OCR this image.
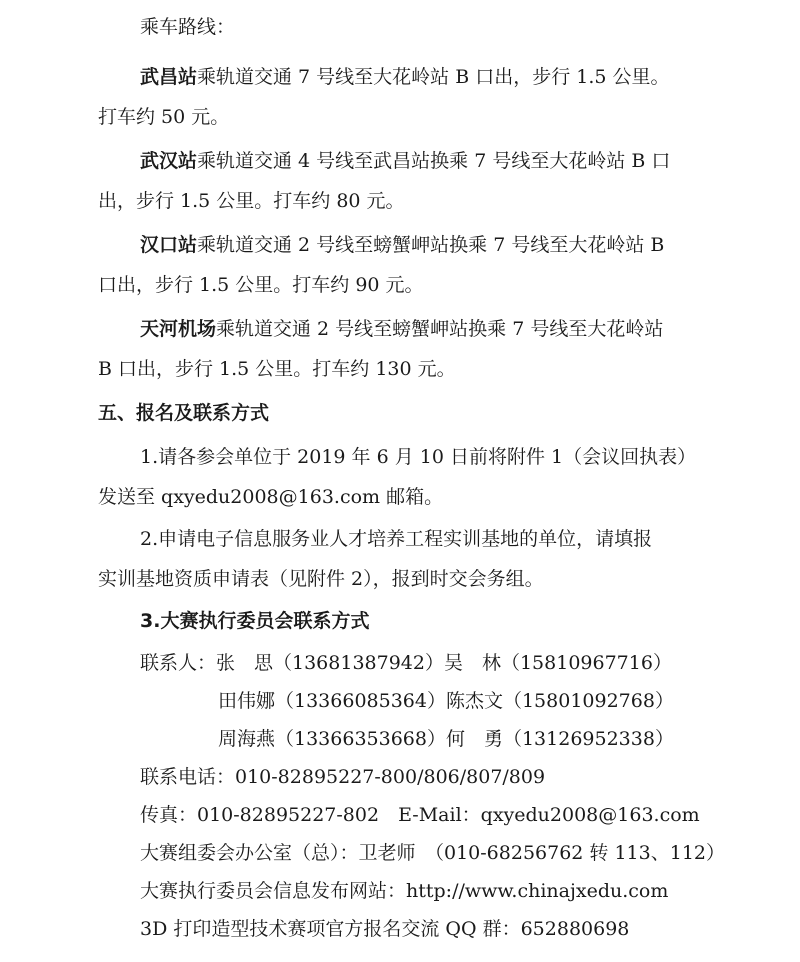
乘车路线：
武昌站乘轨道交通 7 号线至大花岭站 B 口出，步行 1.5 公里。
打车约 50 元。
武汉站乘轨道交通 4 号线至武昌站换乘 7 号线至大花岭站 B 口
出，步行 1.5 公里。打车约 80 元。
汉口站乘轨道交通 2 号线至螃蟹岬站换乘 7 号线至大花岭站 B
口出，步行 1.5 公里。打车约 90 元。
天河机场乘轨道交通 2 号线至螃蟹岬站换乘 7 号线至大花岭站
B 口出，步行 1.5 公里。打车约 130 元。
五、报名及联系方式
1.请各参会单位于 2019 年 6 月 10 日前将附件 1（会议回执表）
发送至 qxyedu2008@163.com 邮箱。
2.申请电子信息服务业人才培养工程实训基地的单位，请填报
实训基地资质申请表（见附件 2），报到时交会务组。
3.大赛执行委员会联系方式
联系人：张　思（13681387942）吴　林（15810967716）
田伟娜（13366085364）陈杰文（15801092768）
周海燕（13366353668）何　勇（13126952338）
联系电话：010-82895227-800/806/807/809
传真：010-82895227-802　E-Mail：qxyedu2008@163.com
大赛组委会办公室（总）：卫老师　（010-68256762 转 113、112）
大赛执行委员会信息发布网站：http://www.chinajxedu.com
3D 打印造型技术赛项官方报名交流 QQ 群：652880698
